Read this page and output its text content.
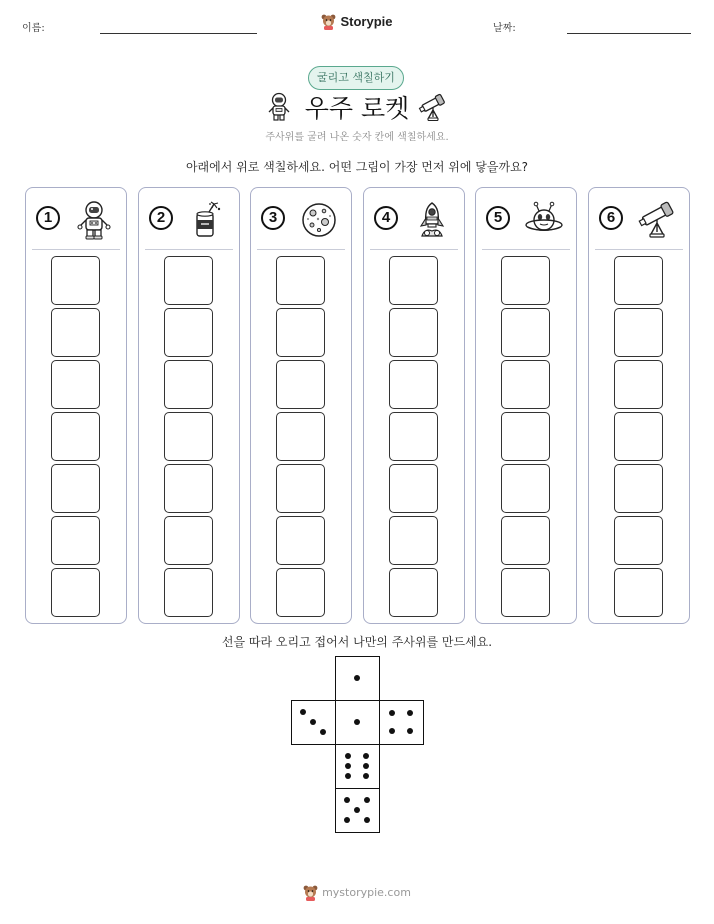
이름:	Storypie	날짜:
굴리고 색칠하기
우주 로켓
주사위를 굴려 나온 숫자 칸에 색칠하세요.
아래에서 위로 색칠하세요. 어떤 그림이 가장 먼저 위에 닿을까요?
1	2	3	4	5	6
선을 따라 오리고 접어서 나만의 주사위를 만드세요.
mystorypie.com
